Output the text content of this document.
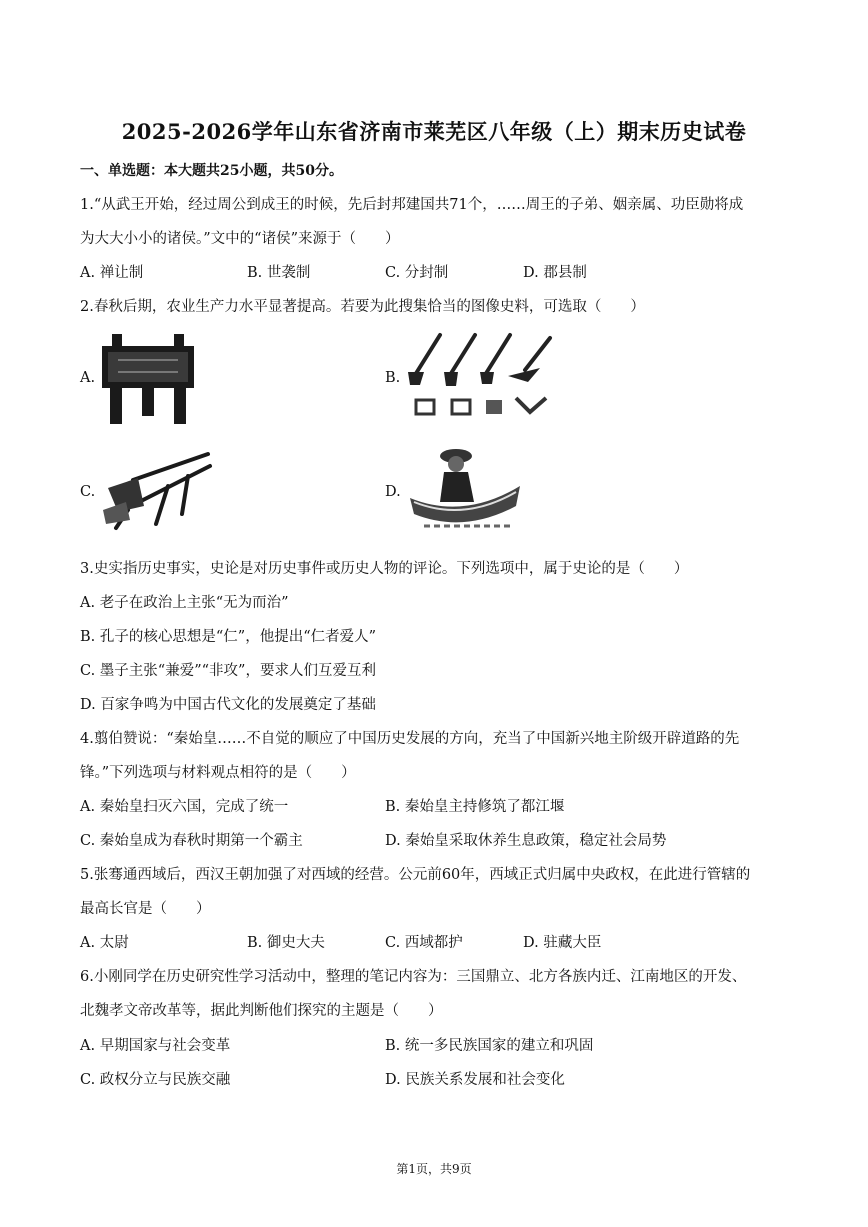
2025-2026学年山东省济南市莱芜区八年级（上）期末历史试卷
一、单选题：本大题共25小题，共50分。
1.“从武王开始，经过周公到成王的时候，先后封邦建国共71个，……周王的子弟、姻亲属、功臣勋将成
为大大小小的诸侯。”文中的“诸侯”来源于（　　）
A. 禅让制	B. 世袭制	C. 分封制	D. 郡县制
2.春秋后期，农业生产力水平显著提高。若要为此搜集恰当的图像史料，可选取（　　）
A.	B.
C.	D.
3.史实指历史事实，史论是对历史事件或历史人物的评论。下列选项中，属于史论的是（　　）
A. 老子在政治上主张“无为而治”
B. 孔子的核心思想是“仁”，他提出“仁者爱人”
C. 墨子主张“兼爱”“非攻”，要求人们互爱互利
D. 百家争鸣为中国古代文化的发展奠定了基础
4.翦伯赞说：“秦始皇……不自觉的顺应了中国历史发展的方向，充当了中国新兴地主阶级开辟道路的先
锋。”下列选项与材料观点相符的是（　　）
A. 秦始皇扫灭六国，完成了统一	B. 秦始皇主持修筑了都江堰
C. 秦始皇成为春秋时期第一个霸主	D. 秦始皇采取休养生息政策，稳定社会局势
5.张骞通西域后，西汉王朝加强了对西域的经营。公元前60年，西域正式归属中央政权，在此进行管辖的
最高长官是（　　）
A. 太尉	B. 御史大夫	C. 西域都护	D. 驻藏大臣
6.小刚同学在历史研究性学习活动中，整理的笔记内容为：三国鼎立、北方各族内迁、江南地区的开发、
北魏孝文帝改革等，据此判断他们探究的主题是（　　）
A. 早期国家与社会变革	B. 统一多民族国家的建立和巩固
C. 政权分立与民族交融	D. 民族关系发展和社会变化
第1页，共9页
